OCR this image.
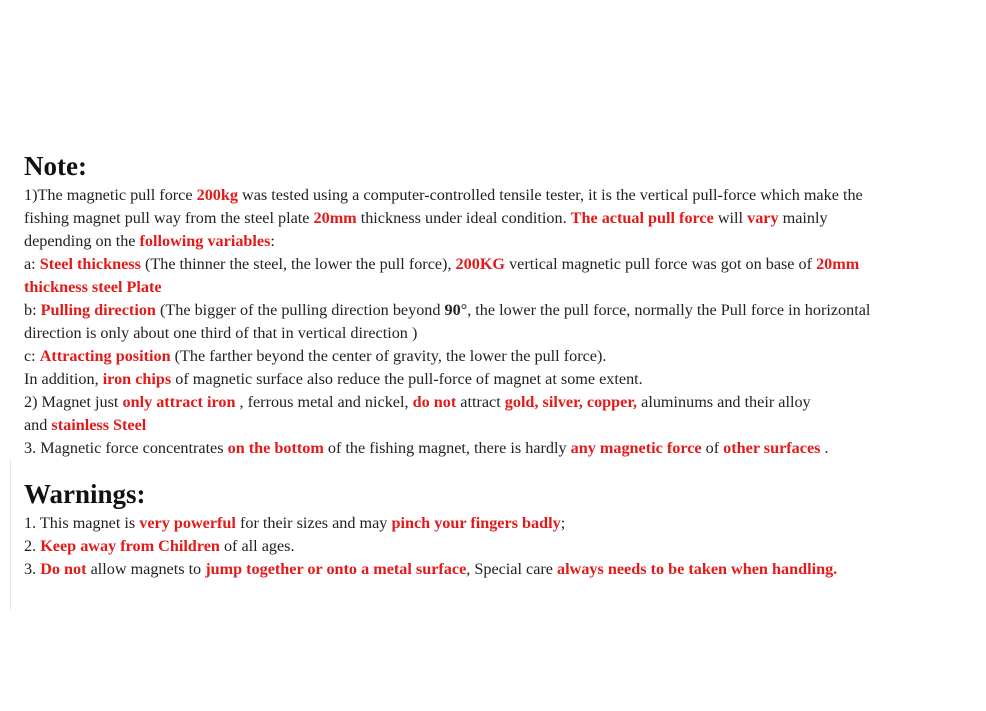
Note:
1)The magnetic pull force 200kg was tested using a computer-controlled tensile tester, it is the vertical pull-force which make the
fishing magnet pull way from the steel plate 20mm thickness under ideal condition. The actual pull force will vary mainly
depending on the following variables:
a: Steel thickness (The thinner the steel, the lower the pull force), 200KG vertical magnetic pull force was got on base of 20mm
thickness steel Plate
b: Pulling direction (The bigger of the pulling direction beyond 90°, the lower the pull force, normally the Pull force in horizontal
direction is only about one third of that in vertical direction )
c: Attracting position (The farther beyond the center of gravity, the lower the pull force).
In addition, iron chips of magnetic surface also reduce the pull-force of magnet at some extent.
2) Magnet just only attract iron , ferrous metal and nickel, do not attract gold, silver, copper, aluminums and their alloy
and stainless Steel
3. Magnetic force concentrates on the bottom of the fishing magnet, there is hardly any magnetic force of other surfaces .
Warnings:
1. This magnet is very powerful for their sizes and may pinch your fingers badly;
2. Keep away from Children of all ages.
3. Do not allow magnets to jump together or onto a metal surface, Special care always needs to be taken when handling.
